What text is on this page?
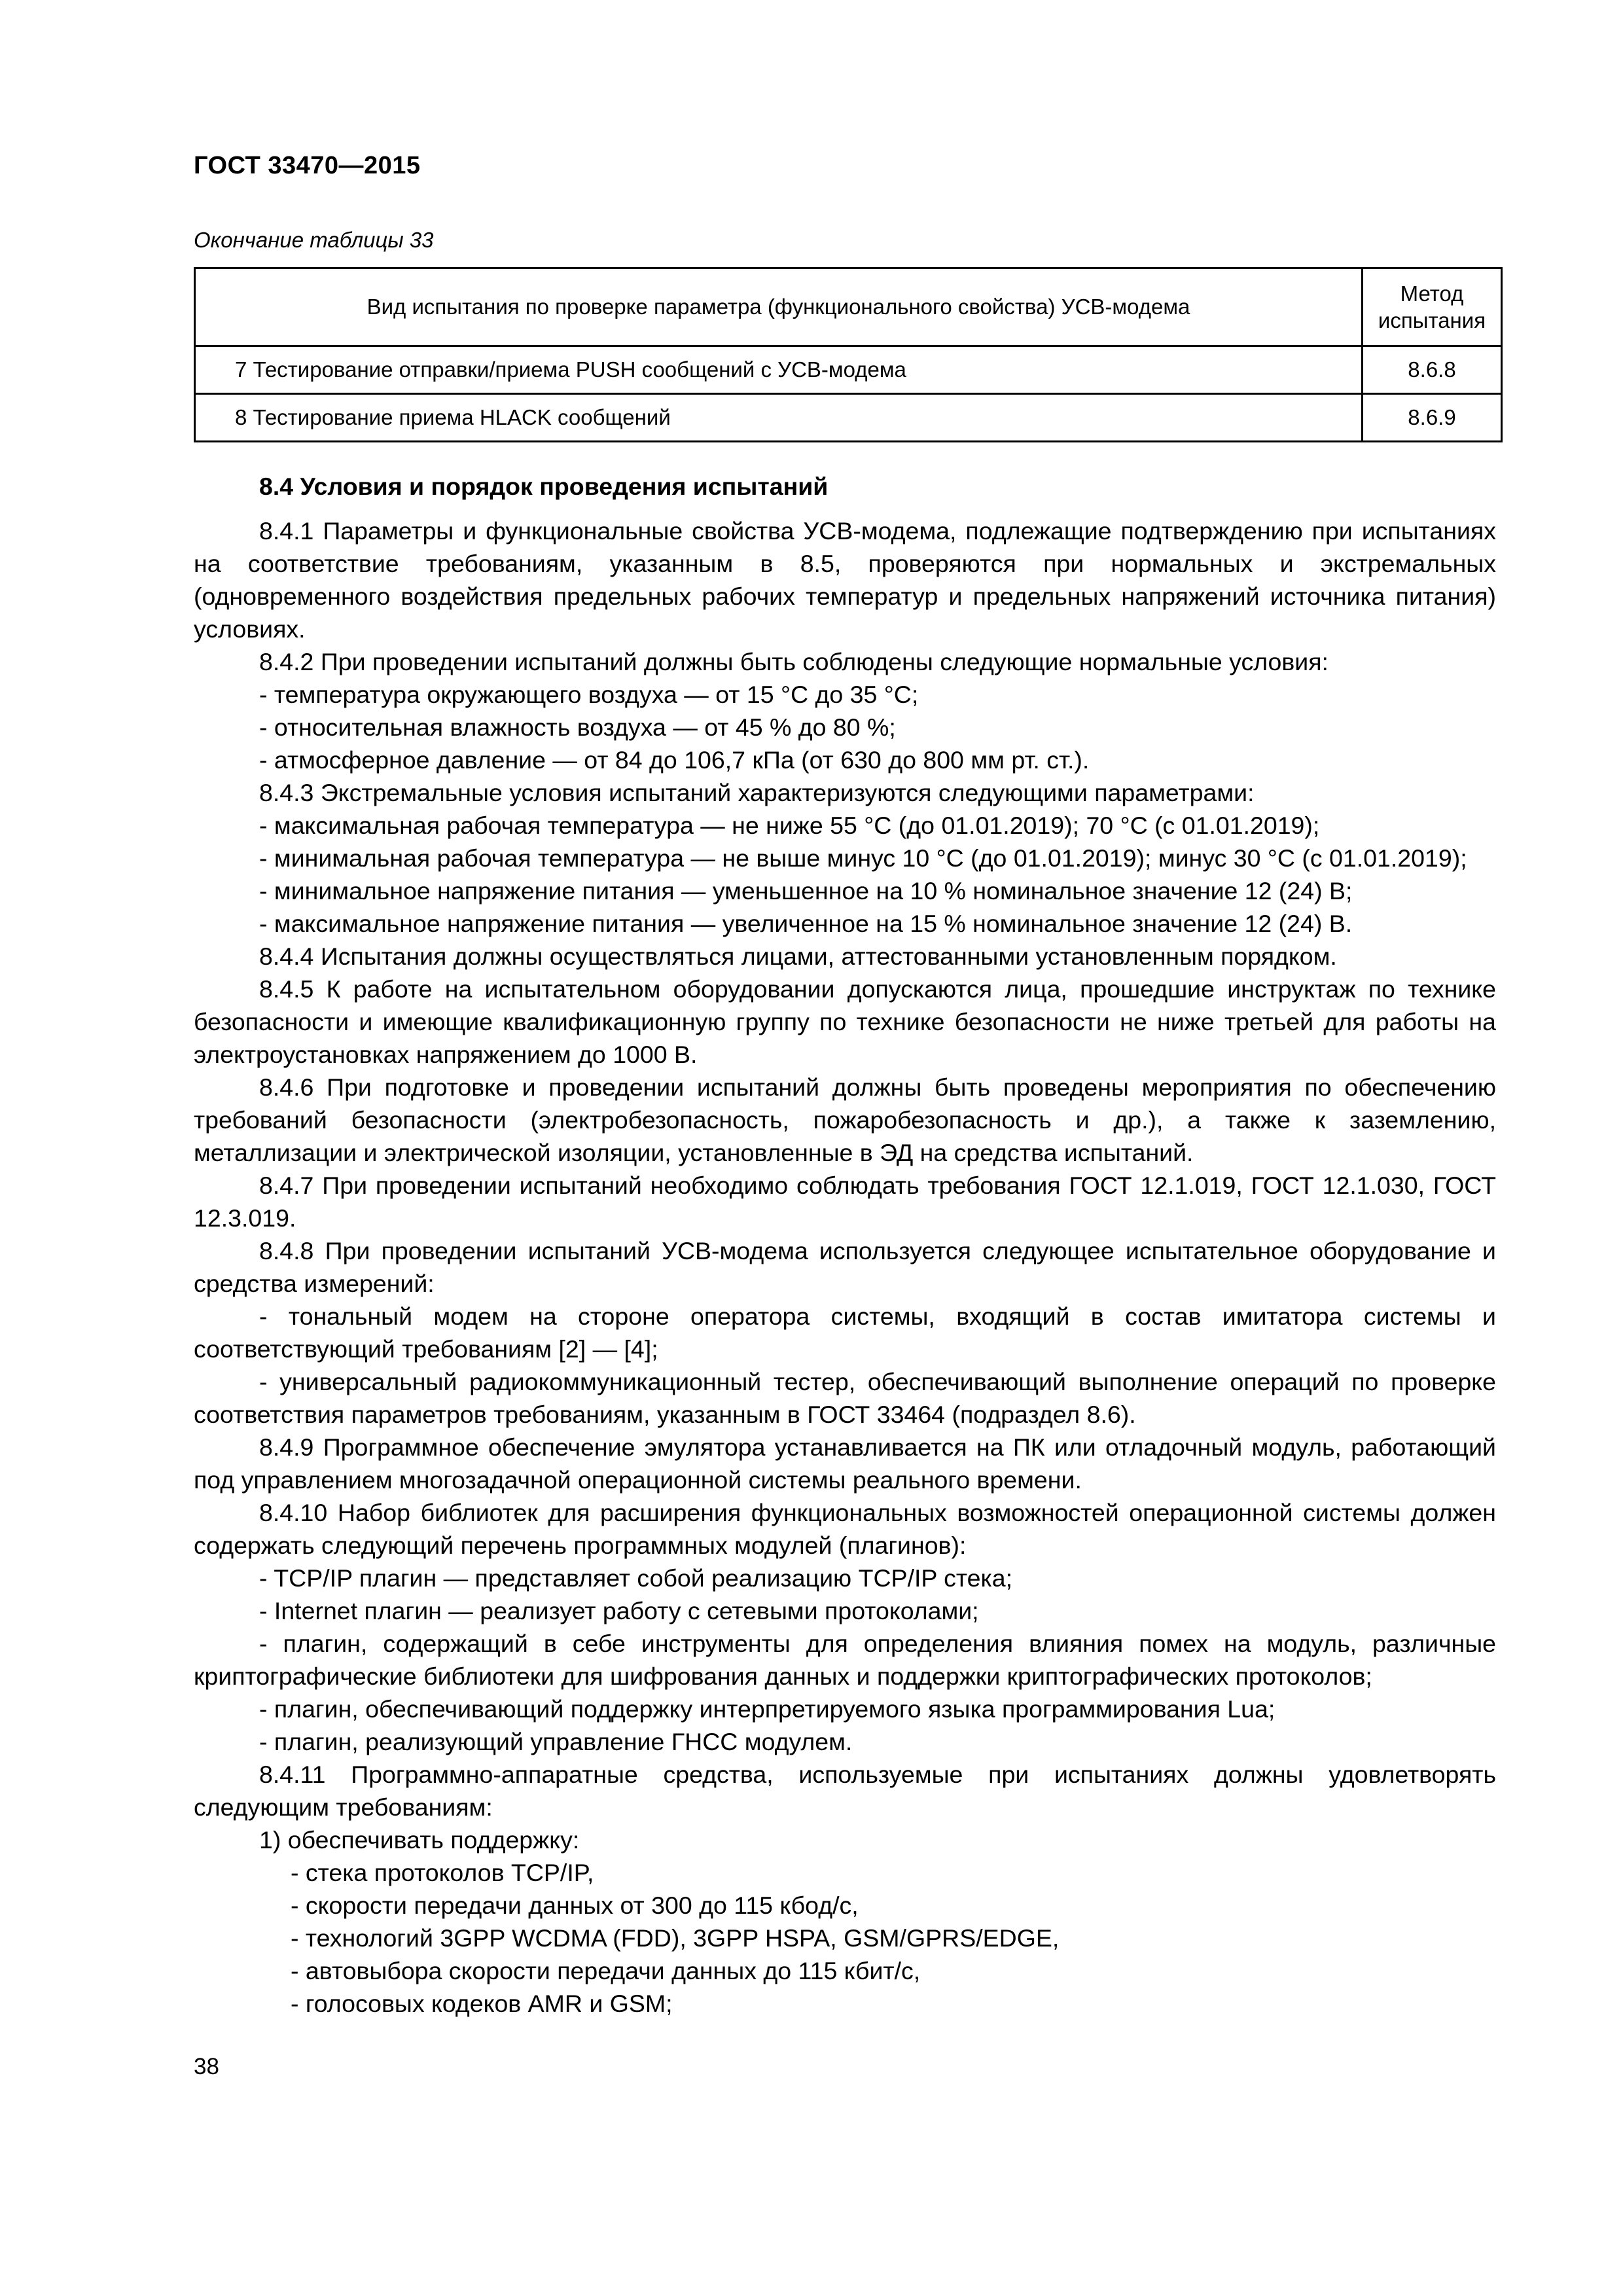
ГОСТ 33470—2015
Окончание таблицы 33
Вид испытания по проверке параметра (функционального свойства) УСВ-модема	Метод испытания
7 Тестирование отправки/приема PUSH сообщений с УСВ-модема	8.6.8
8 Тестирование приема HLACK сообщений	8.6.9

8.4 Условия и порядок проведения испытаний

8.4.1 Параметры и функциональные свойства УСВ-модема, подлежащие подтверждению при испытаниях на соответствие требованиям, указанным в 8.5, проверяются при нормальных и экстремальных (одновременного воздействия предельных рабочих температур и предельных напряжений источника питания) условиях.

8.4.2 При проведении испытаний должны быть соблюдены следующие нормальные условия:

- температура окружающего воздуха — от 15 °С до 35 °С;

- относительная влажность воздуха — от 45 % до 80 %;

- атмосферное давление — от 84 до 106,7 кПа (от 630 до 800 мм рт. ст.).

8.4.3 Экстремальные условия испытаний характеризуются следующими параметрами:

- максимальная рабочая температура — не ниже 55 °С (до 01.01.2019); 70 °С (с 01.01.2019);

- минимальная рабочая температура — не выше минус 10 °С (до 01.01.2019); минус 30 °С (с 01.01.2019);

- минимальное напряжение питания — уменьшенное на 10 % номинальное значение 12 (24) В;

- максимальное напряжение питания — увеличенное на 15 % номинальное значение 12 (24) В.

8.4.4 Испытания должны осуществляться лицами, аттестованными установленным порядком.

8.4.5 К работе на испытательном оборудовании допускаются лица, прошедшие инструктаж по технике безопасности и имеющие квалификационную группу по технике безопасности не ниже третьей для работы на электроустановках напряжением до 1000 В.

8.4.6 При подготовке и проведении испытаний должны быть проведены мероприятия по обеспечению требований безопасности (электробезопасность, пожаробезопасность и др.), а также к заземлению, металлизации и электрической изоляции, установленные в ЭД на средства испытаний.

8.4.7 При проведении испытаний необходимо соблюдать требования ГОСТ 12.1.019, ГОСТ 12.1.030, ГОСТ 12.3.019.

8.4.8 При проведении испытаний УСВ-модема используется следующее испытательное оборудование и средства измерений:

- тональный модем на стороне оператора системы, входящий в состав имитатора системы и соответствующий требованиям [2] — [4];

- универсальный радиокоммуникационный тестер, обеспечивающий выполнение операций по проверке соответствия параметров требованиям, указанным в ГОСТ 33464 (подраздел 8.6).

8.4.9 Программное обеспечение эмулятора устанавливается на ПК или отладочный модуль, работающий под управлением многозадачной операционной системы реального времени.

8.4.10 Набор библиотек для расширения функциональных возможностей операционной системы должен содержать следующий перечень программных модулей (плагинов):

- TCP/IP плагин — представляет собой реализацию TCP/IP стека;

- Internet плагин — реализует работу с сетевыми протоколами;

- плагин, содержащий в себе инструменты для определения влияния помех на модуль, различные криптографические библиотеки для шифрования данных и поддержки криптографических протоколов;

- плагин, обеспечивающий поддержку интерпретируемого языка программирования Lua;

- плагин, реализующий управление ГНСС модулем.

8.4.11 Программно-аппаратные средства, используемые при испытаниях должны удовлетворять следующим требованиям:

1) обеспечивать поддержку:

- стека протоколов TCP/IP,

- скорости передачи данных от 300 до 115 кбод/с,

- технологий 3GPP WCDMA (FDD), 3GPP HSPA, GSM/GPRS/EDGE,

- автовыбора скорости передачи данных до 115 кбит/с,

- голосовых кодеков AMR и GSM;

38
